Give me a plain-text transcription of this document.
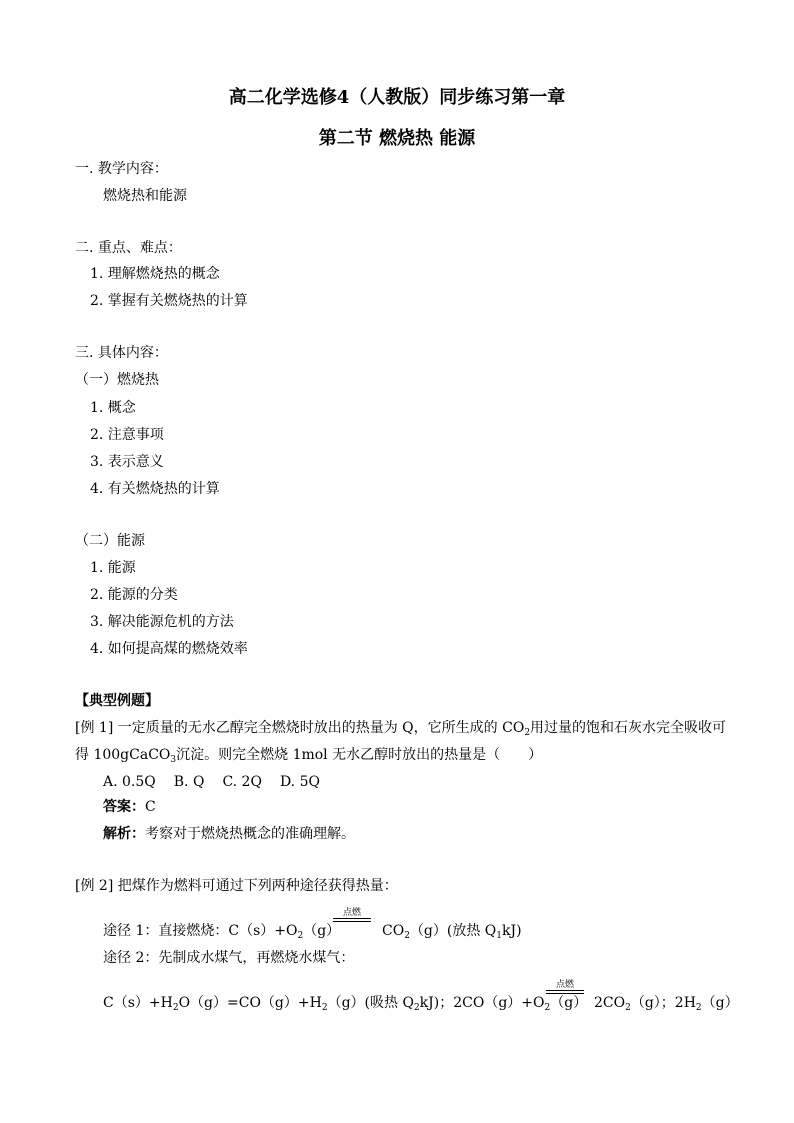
高二化学选修4（人教版）同步练习第一章
第二节 燃烧热 能源
一. 教学内容：
燃烧热和能源
二. 重点、难点：
1. 理解燃烧热的概念
2. 掌握有关燃烧热的计算
三. 具体内容：
（一）燃烧热
1. 概念
2. 注意事项
3. 表示意义
4. 有关燃烧热的计算
（二）能源
1. 能源
2. 能源的分类
3. 解决能源危机的方法
4. 如何提高煤的燃烧效率
【典型例题】
[例 1] 一定质量的无水乙醇完全燃烧时放出的热量为 Q，它所生成的 $CO_2$用过量的饱和石灰水完全吸收可
得 100gCaCO$_3$沉淀。则完全燃烧 1mol 无水乙醇时放出的热量是（　　）
A. 0.5Q B. Q C. 2Q D. 5Q
答案：C
解析：考察对于燃烧热概念的准确理解。
[例 2] 把煤作为燃料可通过下列两种途径获得热量：
途径 1：直接燃烧：$C(s)+O_2(g)$
点燃
$CO_2(g)$(放热 $Q_1kJ$)
途径 2：先制成水煤气，再燃烧水煤气：
$C(s)+H_2O(g)=CO(g)+H_2(g)$(吸热 $Q_2kJ$)；$2CO(g)+O_2(g)$
点燃
$2CO_2(g)$；$2H_2(g)$
